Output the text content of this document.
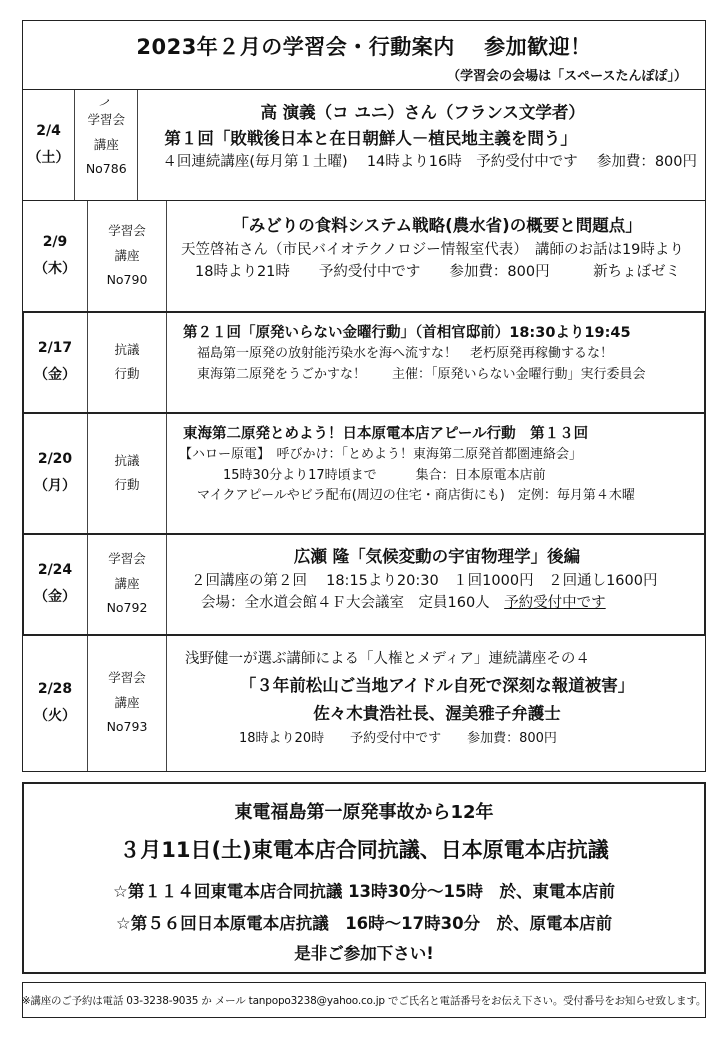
2023年２月の学習会・行動案内　 参加歓迎！
（学習会の会場は「スペースたんぽぽ」）
ノ
2/4
（土）
学習会
講座
No786
高 演義（コ ユニ）さん（フランス文学者）
第１回「敗戦後日本と在日朝鮮人－植民地主義を問う」
４回連続講座(毎月第１土曜)　 14時より16時　予約受付中です　 参加費：800円
2/9
（木）
学習会
講座
No790
「みどりの食料システム戦略(農水省)の概要と問題点」
天笠啓祐さん（市民バイオテクノロジー情報室代表）　講師のお話は19時より
18時より21時　　予約受付中です　　参加費：800円　　　新ちょぼゼミ
2/17
（金）
抗議
行動
第２１回「原発いらない金曜行動」（首相官邸前）18:30より19:45
福島第一原発の放射能汚染水を海へ流すな！　老朽原発再稼働するな！
東海第二原発をうごかすな！　　主催：「原発いらない金曜行動」実行委員会
2/20
（月）
抗議
行動
東海第二原発とめよう！日本原電本店アピール行動　第１３回
【ハロー原電】　呼びかけ：「とめよう！東海第二原発首都圏連絡会」
15時30分より17時頃まで　　　集合：日本原電本店前
マイクアピールやビラ配布(周辺の住宅・商店街にも)　定例：毎月第４木曜
2/24
（金）
学習会
講座
No792
広瀬 隆「気候変動の宇宙物理学」後編
２回講座の第２回　 18:15より20:30　１回1000円　２回通し1600円
会場：全水道会館４Ｆ大会議室　定員160人　 予約受付中です
2/28
（火）
学習会
講座
No793
浅野健一が選ぶ講師による「人権とメディア」連続講座その４
「３年前松山ご当地アイドル自死で深刻な報道被害」
佐々木貴浩社長、渥美雅子弁護士
18時より20時　　予約受付中です　　参加費：800円
東電福島第一原発事故から12年
３月11日(土)東電本店合同抗議、日本原電本店抗議
☆第１１４回東電本店合同抗議 13時30分～15時　於、東電本店前
☆第５６回日本原電本店抗議　16時～17時30分　於、原電本店前
是非ご参加下さい!
※講座のご予約は電話 03-3238-9035 か メール tanpopo3238@yahoo.co.jp でご氏名と電話番号をお伝え下さい。受付番号をお知らせ致します。
